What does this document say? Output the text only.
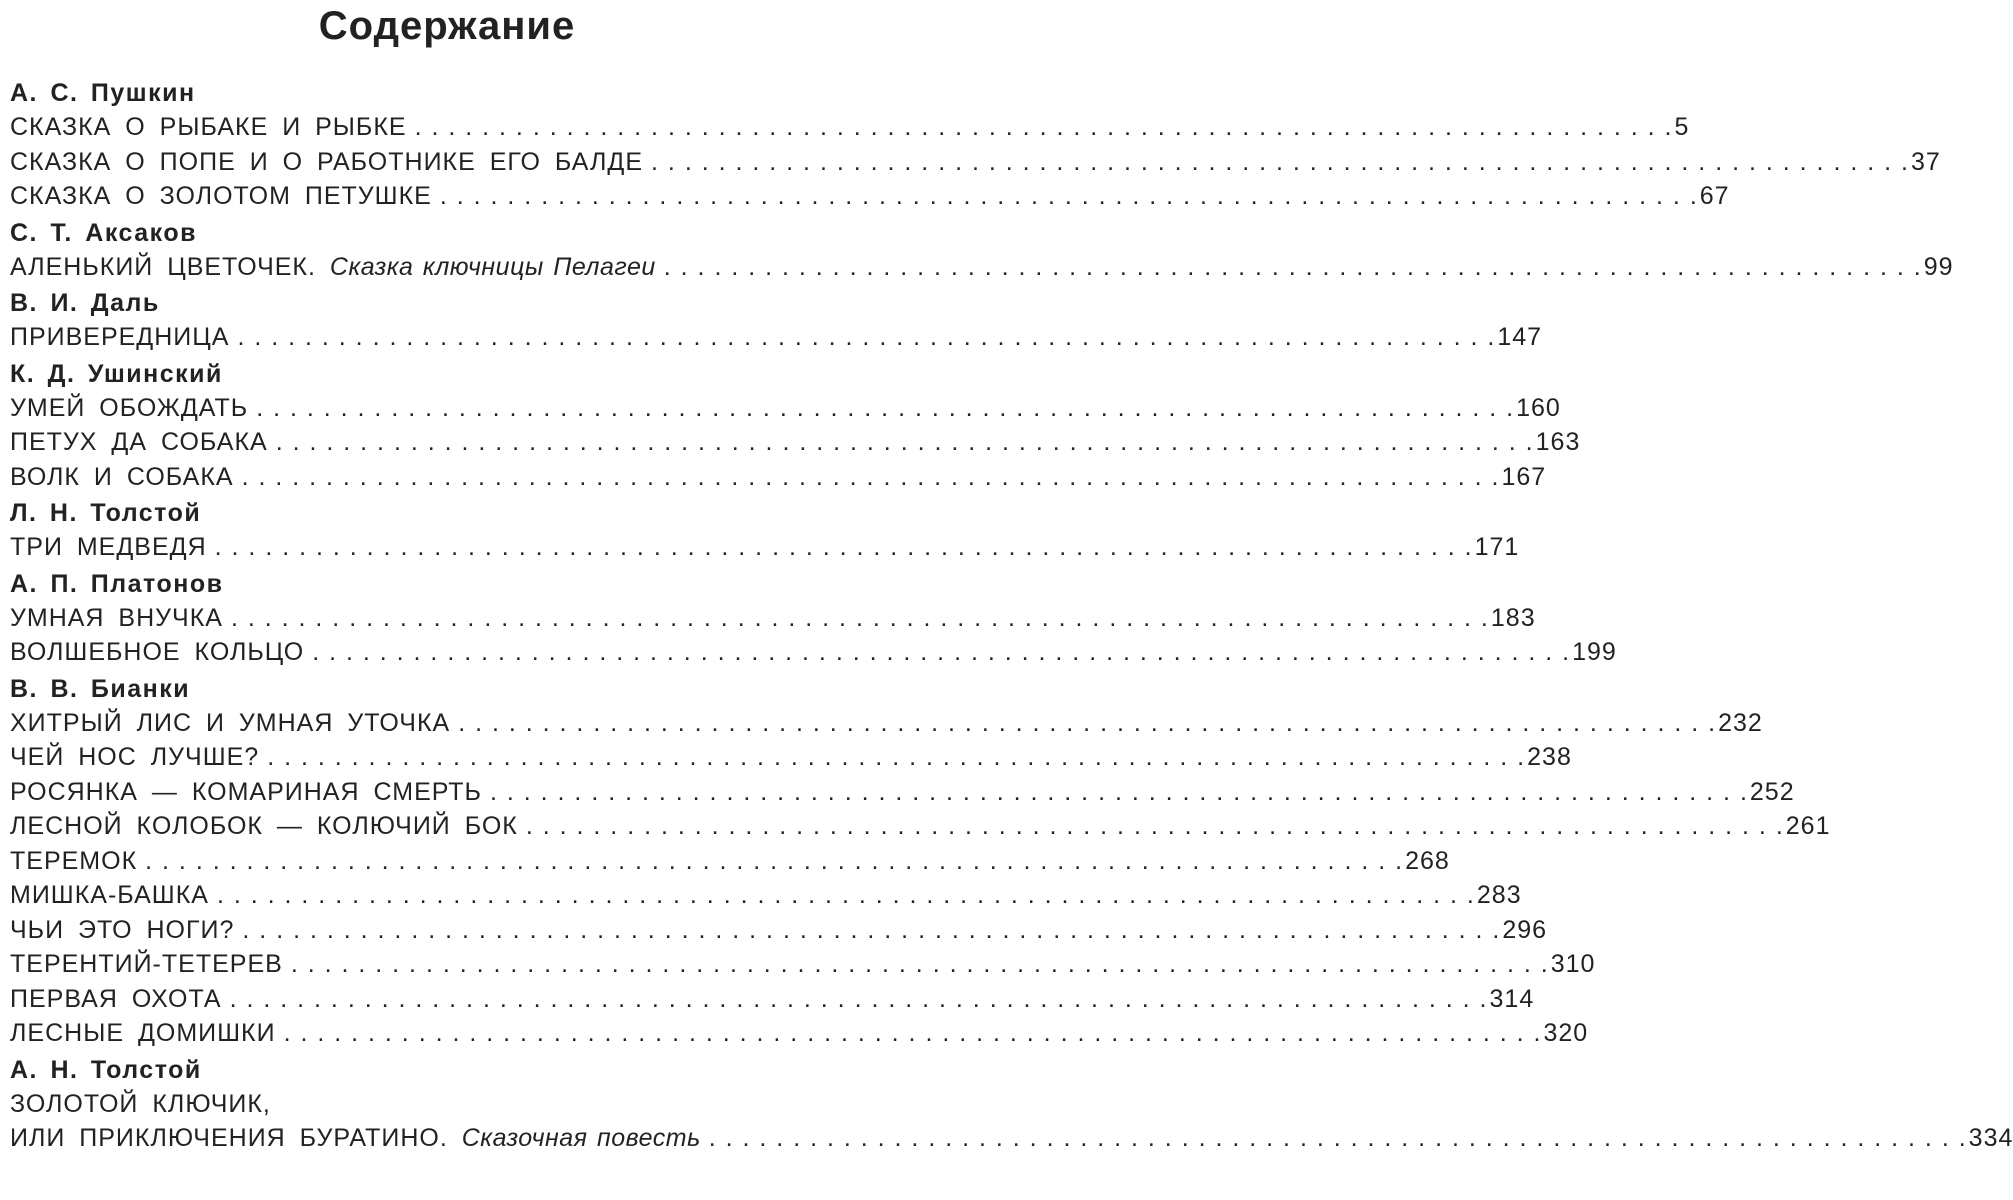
Содержание
А. С. Пушкин
СКАЗКА О РЫБАКЕ И РЫБКЕ . . .	5
СКАЗКА О ПОПЕ И О РАБОТНИКЕ ЕГО БАЛДЕ . . .	37
СКАЗКА О ЗОЛОТОМ ПЕТУШКЕ . . .	67
С. Т. Аксаков
АЛЕНЬКИЙ ЦВЕТОЧЕК. Сказка ключницы Пелагеи . . .	99
В. И. Даль
ПРИВЕРЕДНИЦА . . .	147
К. Д. Ушинский
УМЕЙ ОБОЖДАТЬ . . .	160
ПЕТУХ ДА СОБАКА . . .	163
ВОЛК И СОБАКА . . .	167
Л. Н. Толстой
ТРИ МЕДВЕДЯ . . .	171
А. П. Платонов
УМНАЯ ВНУЧКА . . .	183
ВОЛШЕБНОЕ КОЛЬЦО . . .	199
В. В. Бианки
ХИТРЫЙ ЛИС И УМНАЯ УТОЧКА . . .	232
ЧЕЙ НОС ЛУЧШЕ? . . .	238
РОСЯНКА — КОМАРИНАЯ СМЕРТЬ . . .	252
ЛЕСНОЙ КОЛОБОК — КОЛЮЧИЙ БОК . . .	261
ТЕРЕМОК . . .	268
МИШКА-БАШКА . . .	283
ЧЬИ ЭТО НОГИ? . . .	296
ТЕРЕНТИЙ-ТЕТЕРЕВ . . .	310
ПЕРВАЯ ОХОТА . . .	314
ЛЕСНЫЕ ДОМИШКИ . . .	320
А. Н. Толстой
ЗОЛОТОЙ КЛЮЧИК,
ИЛИ ПРИКЛЮЧЕНИЯ БУРАТИНО. Сказочная повесть . . .	334
